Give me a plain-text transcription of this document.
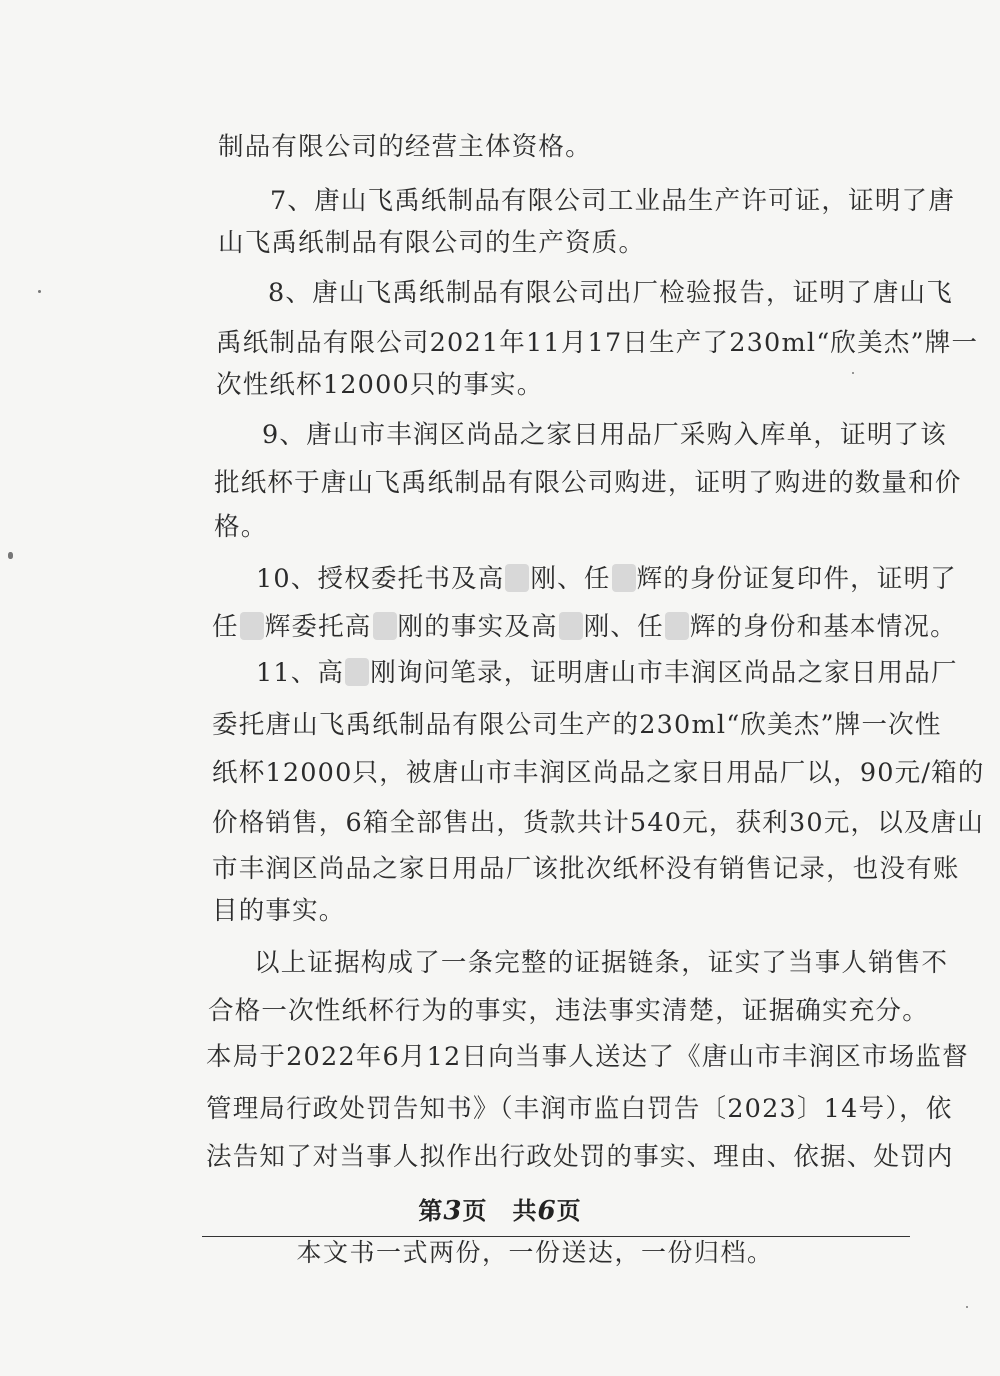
制品有限公司的经营主体资格。
7、唐山飞禹纸制品有限公司工业品生产许可证，证明了唐
山飞禹纸制品有限公司的生产资质。
8、唐山飞禹纸制品有限公司出厂检验报告，证明了唐山飞
禹纸制品有限公司2021年11月17日生产了230ml“欣美杰”牌一
次性纸杯12000只的事实。
9、唐山市丰润区尚品之家日用品厂采购入库单，证明了该
批纸杯于唐山飞禹纸制品有限公司购进，证明了购进的数量和价
格。
10、授权委托书及高 刚、任 辉的身份证复印件，证明了
任 辉委托高 刚的事实及高 刚、任 辉的身份和基本情况。
11、高 刚询问笔录，证明唐山市丰润区尚品之家日用品厂
委托唐山飞禹纸制品有限公司生产的230ml“欣美杰”牌一次性
纸杯12000只，被唐山市丰润区尚品之家日用品厂以，90元/箱的
价格销售，6箱全部售出，货款共计540元，获利30元，以及唐山
市丰润区尚品之家日用品厂该批次纸杯没有销售记录，也没有账
目的事实。
以上证据构成了一条完整的证据链条，证实了当事人销售不
合格一次性纸杯行为的事实，违法事实清楚，证据确实充分。
本局于2022年6月12日向当事人送达了《唐山市丰润区市场监督
管理局行政处罚告知书》（丰润市监白罚告〔2023〕14号），依
法告知了对当事人拟作出行政处罚的事实、理由、依据、处罚内
第3页　共6页
本文书一式两份，一份送达，一份归档。
